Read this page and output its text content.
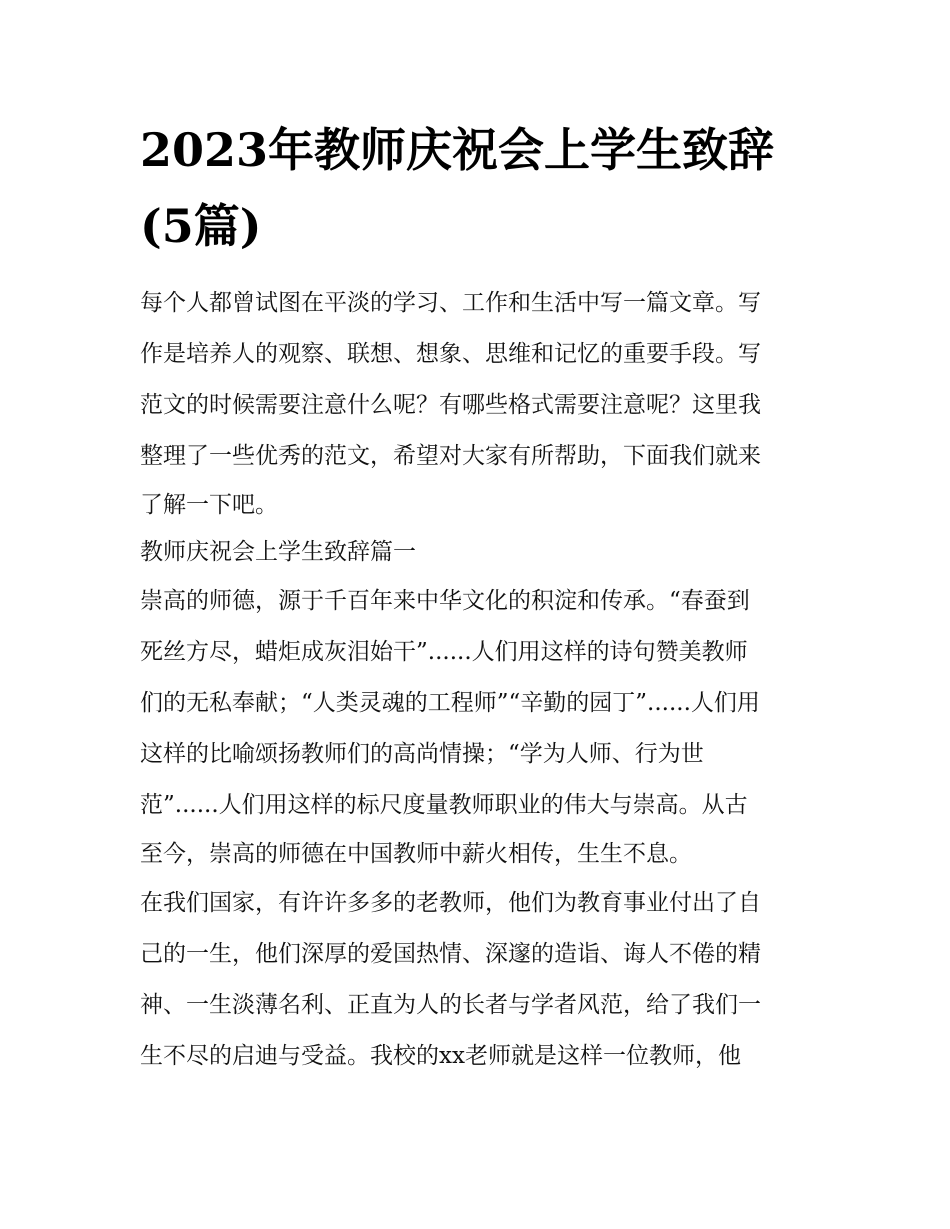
2023年教师庆祝会上学生致辞
(5篇)
每个人都曾试图在平淡的学习、工作和生活中写一篇文章。写
作是培养人的观察、联想、想象、思维和记忆的重要手段。写
范文的时候需要注意什么呢？有哪些格式需要注意呢？这里我
整理了一些优秀的范文，希望对大家有所帮助，下面我们就来
了解一下吧。
教师庆祝会上学生致辞篇一
崇高的师德，源于千百年来中华文化的积淀和传承。“春蚕到
死丝方尽，蜡炬成灰泪始干”......人们用这样的诗句赞美教师
们的无私奉献；“人类灵魂的工程师”“辛勤的园丁”......人们用
这样的比喻颂扬教师们的高尚情操；“学为人师、行为世
范”......人们用这样的标尺度量教师职业的伟大与崇高。从古
至今，崇高的师德在中国教师中薪火相传，生生不息。
在我们国家，有许许多多的老教师，他们为教育事业付出了自
己的一生，他们深厚的爱国热情、深邃的造诣、诲人不倦的精
神、一生淡薄名利、正直为人的长者与学者风范，给了我们一
生不尽的启迪与受益。我校的xx老师就是这样一位教师，他
